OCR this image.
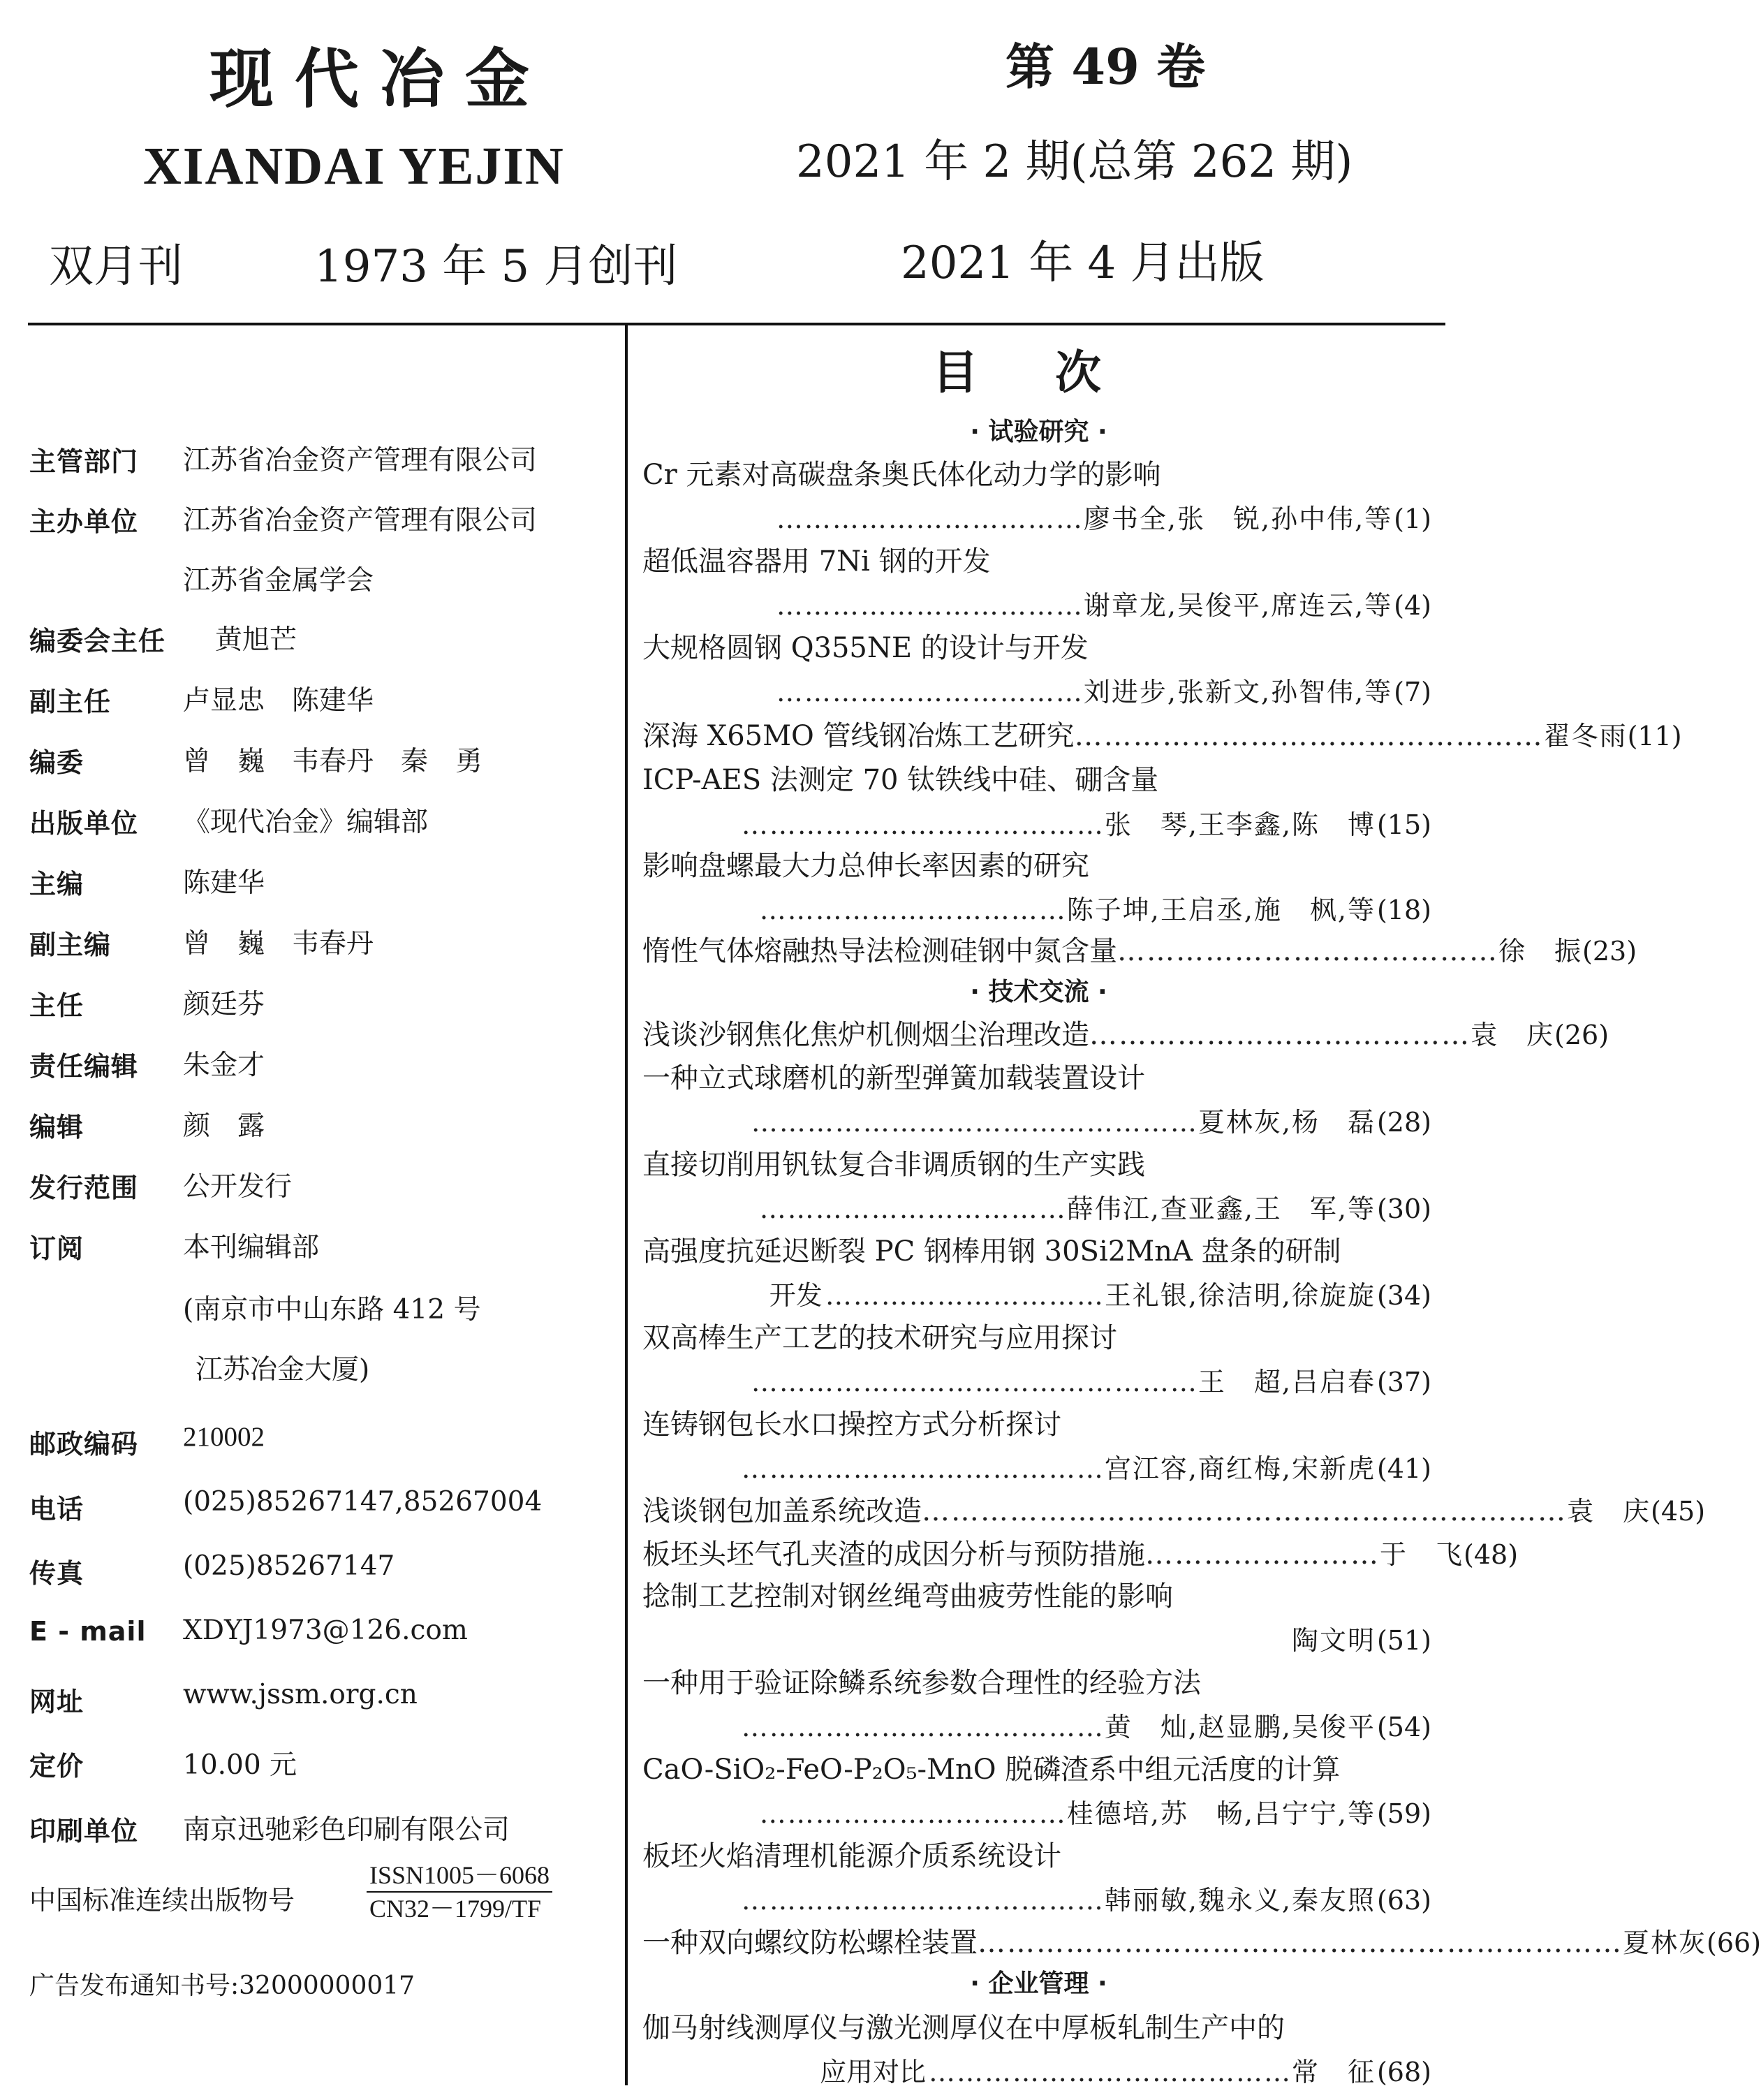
现代冶金
XIANDAI YEJIN
双月刊	1973 年 5 月创刊
第 49 卷
2021 年 2 期(总第 262 期)
2021 年 4 月出版
主管部门	江苏省冶金资产管理有限公司
主办单位	江苏省冶金资产管理有限公司
江苏省金属学会
编委会主任 黄旭芒
副主任	卢显忠　陈建华
编委	曾　巍　韦春丹　秦　勇
出版单位	《现代冶金》编辑部
主编	陈建华
副主编	曾　巍　韦春丹
主任	颜廷芬
责任编辑	朱金才
编辑	颜　露
发行范围	公开发行
订阅	本刊编辑部
(南京市中山东路 412 号
江苏冶金大厦)
邮政编码	210002
电话	(025)85267147,85267004
传真	(025)85267147
E - mail	XDYJ1973@126.com
网址	www.jssm.org.cn
定价	10.00 元
印刷单位	南京迅驰彩色印刷有限公司
中国标准连续出版物号
ISSN1005－6068
CN32－1799/TF
广告发布通知书号:32000000017
目次
· 试验研究 ·
Cr 元素对高碳盘条奥氏体化动力学的影响
…………………………… 廖书全,张　锐,孙中伟,等 (1)
超低温容器用 7Ni 钢的开发
…………………………… 谢章龙,吴俊平,席连云,等 (4)
大规格圆钢 Q355NE 的设计与开发
…………………………… 刘进步,张新文,孙智伟,等 (7)
深海 X65MO 管线钢冶炼工艺研究 ………………………………………… 翟冬雨 (11)
ICP-AES 法测定 70 钛铁线中硅、硼含量
………………………………… 张　琴,王李鑫,陈　博 (15)
影响盘螺最大力总伸长率因素的研究
…………………………… 陈子坤,王启丞,施　枫,等 (18)
惰性气体熔融热导法检测硅钢中氮含量 ………………………………… 徐　振 (23)
· 技术交流 ·
浅谈沙钢焦化焦炉机侧烟尘治理改造 ………………………………… 袁　庆 (26)
一种立式球磨机的新型弹簧加载装置设计
………………………………………… 夏林灰,杨　磊 (28)
直接切削用钒钛复合非调质钢的生产实践
…………………………… 薛伟江,查亚鑫,王　军,等 (30)
高强度抗延迟断裂 PC 钢棒用钢 30Si2MnA 盘条的研制
开发 ………………………… 王礼银,徐洁明,徐旋旋 (34)
双高棒生产工艺的技术研究与应用探讨
………………………………………… 王　超,吕启春 (37)
连铸钢包长水口操控方式分析探讨
………………………………… 宫江容,商红梅,宋新虎 (41)
浅谈钢包加盖系统改造 ………………………………………………………… 袁　庆 (45)
板坯头坯气孔夹渣的成因分析与预防措施 …………………… 于　飞 (48)
捻制工艺控制对钢丝绳弯曲疲劳性能的影响
陶文明 (51)
一种用于验证除鳞系统参数合理性的经验方法
………………………………… 黄　灿,赵显鹏,吴俊平 (54)
CaO-SiO₂-FeO-P₂O₅-MnO 脱磷渣系中组元活度的计算
…………………………… 桂德培,苏　畅,吕宁宁,等 (59)
板坯火焰清理机能源介质系统设计
………………………………… 韩丽敏,魏永义,秦友照 (63)
一种双向螺纹防松螺栓装置 ………………………………………………………… 夏林灰 (66)
· 企业管理 ·
伽马射线测厚仪与激光测厚仪在中厚板轧制生产中的
应用对比 ………………………………… 常　征 (68)
